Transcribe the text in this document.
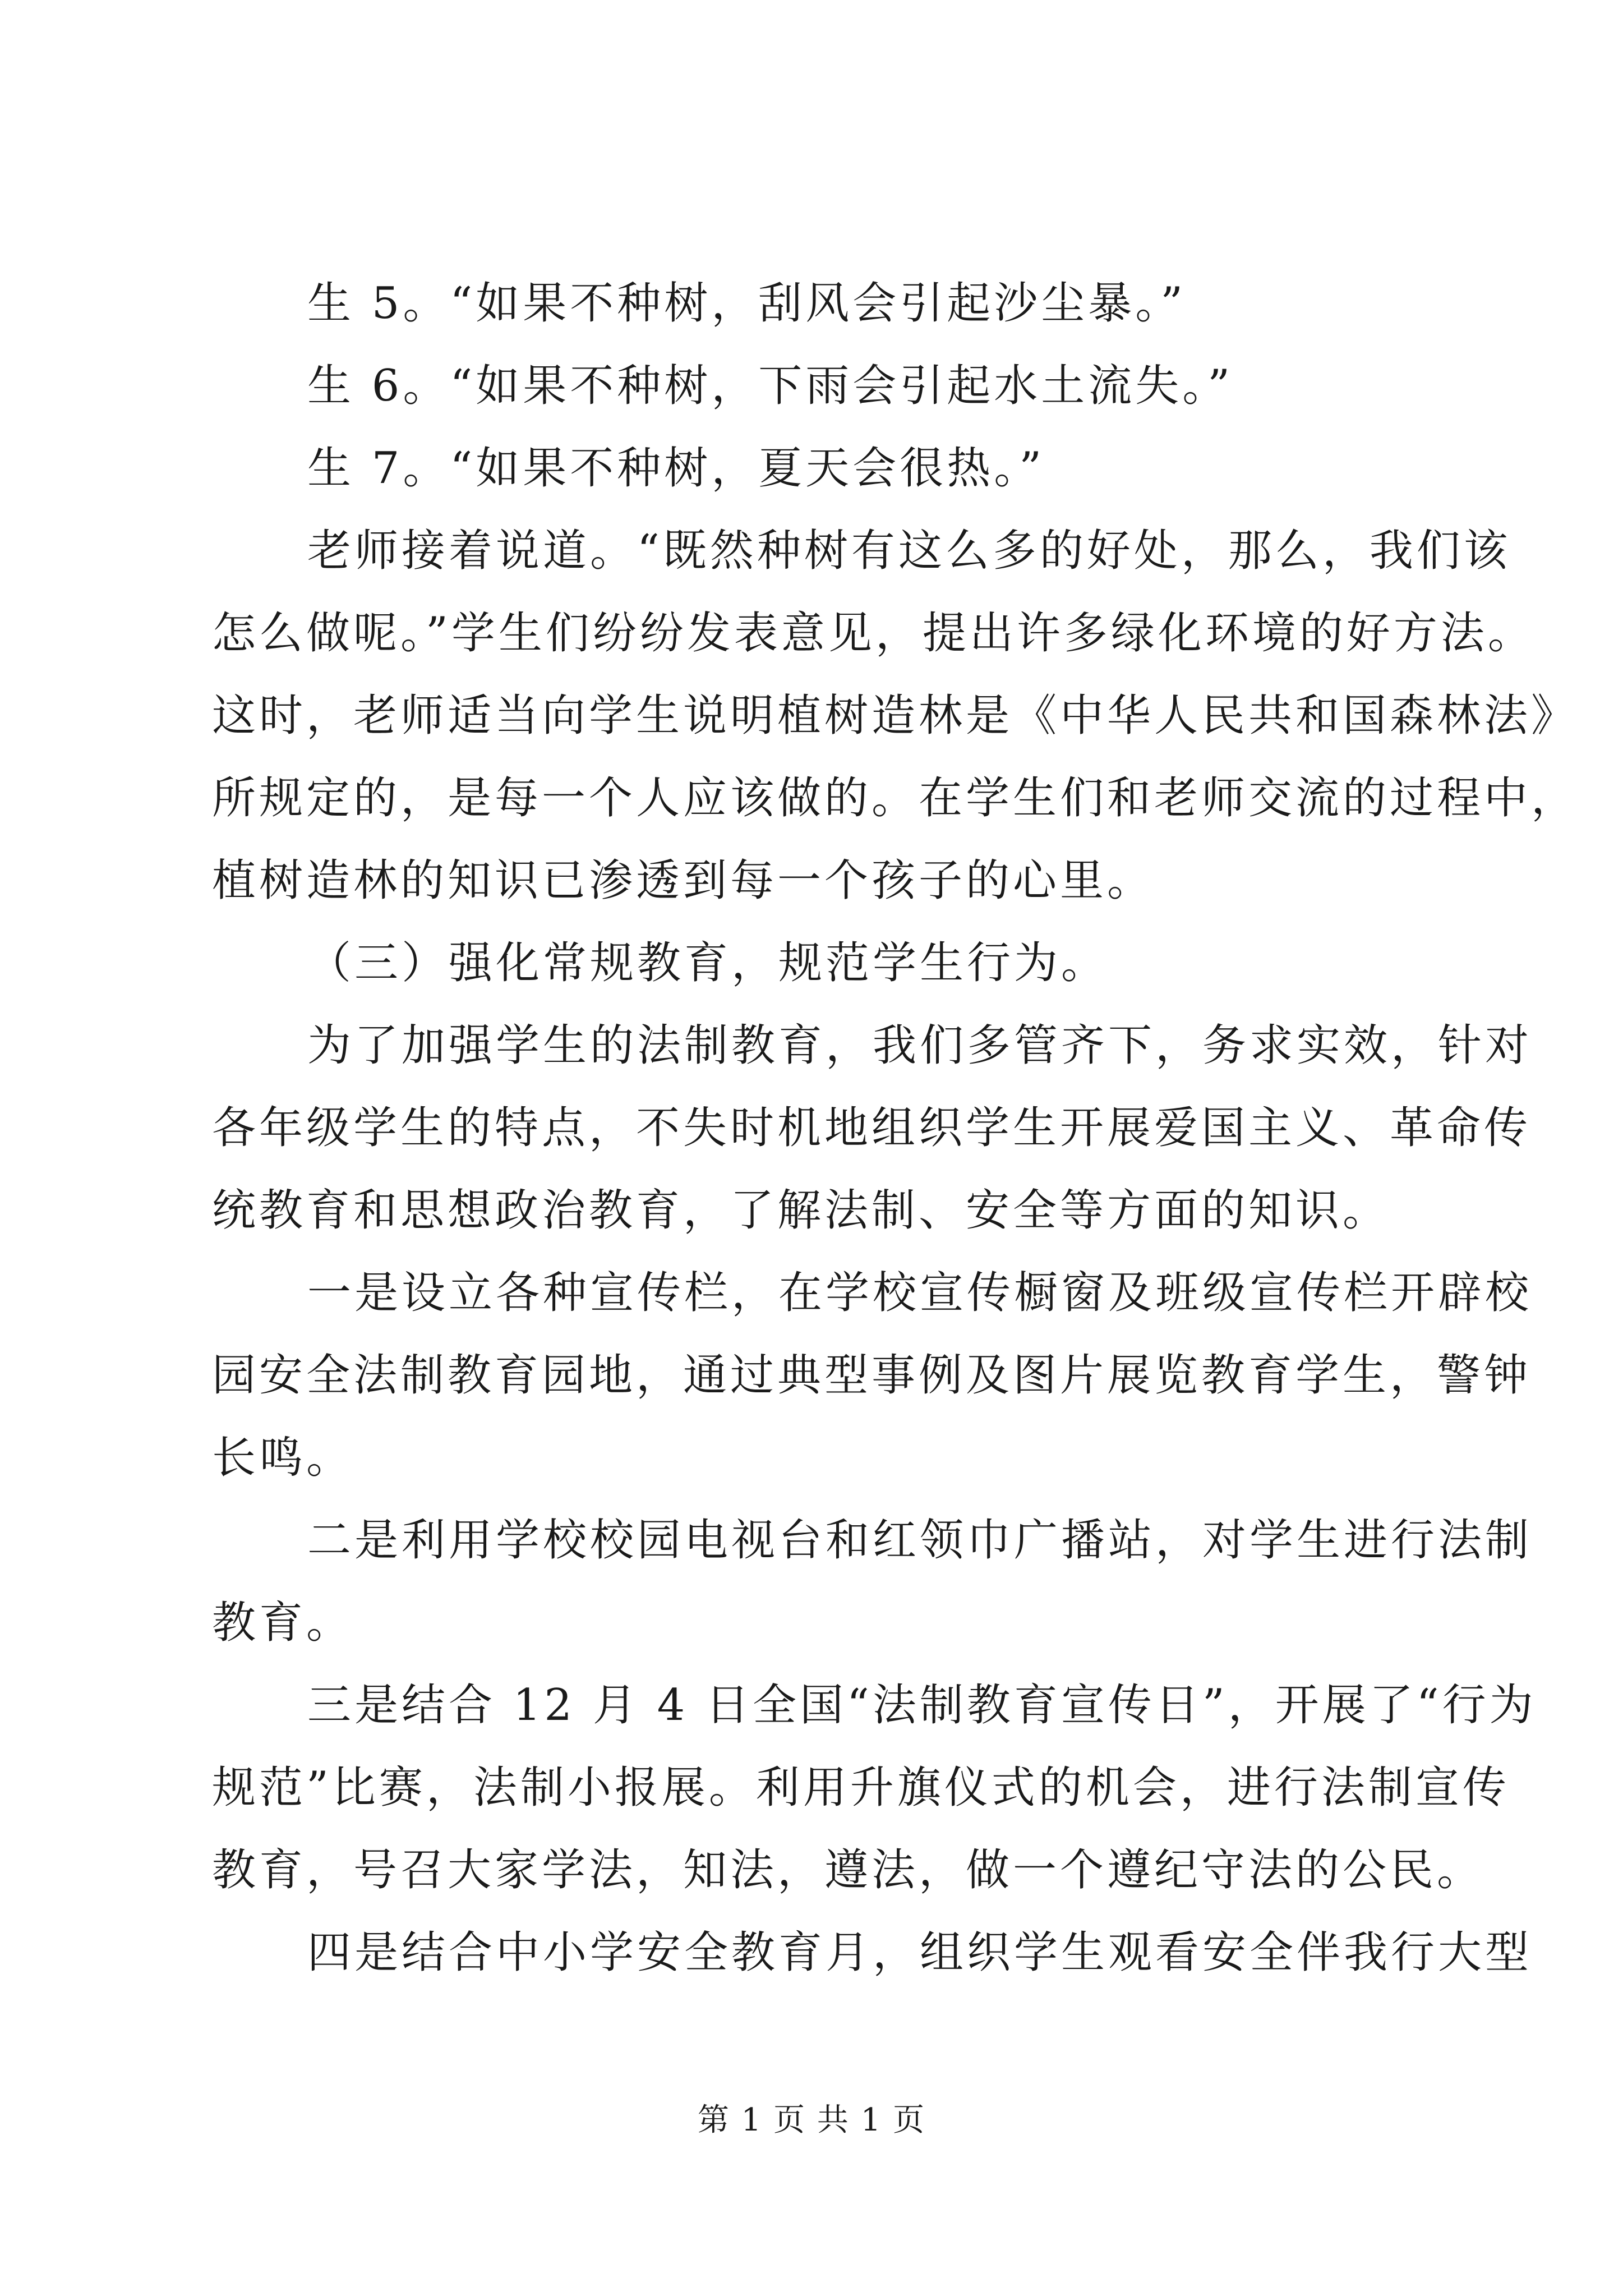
生 5。“如果不种树，刮风会引起沙尘暴。”
生 6。“如果不种树，下雨会引起水土流失。”
生 7。“如果不种树，夏天会很热。”
老师接着说道。“既然种树有这么多的好处，那么，我们该
怎么做呢。”学生们纷纷发表意见，提出许多绿化环境的好方法。
这时，老师适当向学生说明植树造林是《中华人民共和国森林法》
所规定的，是每一个人应该做的。在学生们和老师交流的过程中，
植树造林的知识已渗透到每一个孩子的心里。
（三）强化常规教育，规范学生行为。
为了加强学生的法制教育，我们多管齐下，务求实效，针对
各年级学生的特点，不失时机地组织学生开展爱国主义、革命传
统教育和思想政治教育，了解法制、安全等方面的知识。
一是设立各种宣传栏，在学校宣传橱窗及班级宣传栏开辟校
园安全法制教育园地，通过典型事例及图片展览教育学生，警钟
长鸣。
二是利用学校校园电视台和红领巾广播站，对学生进行法制
教育。
三是结合 12 月 4 日全国“法制教育宣传日”，开展了“行为
规范”比赛，法制小报展。利用升旗仪式的机会，进行法制宣传
教育，号召大家学法，知法，遵法，做一个遵纪守法的公民。
四是结合中小学安全教育月，组织学生观看安全伴我行大型
第 1 页 共 1 页
